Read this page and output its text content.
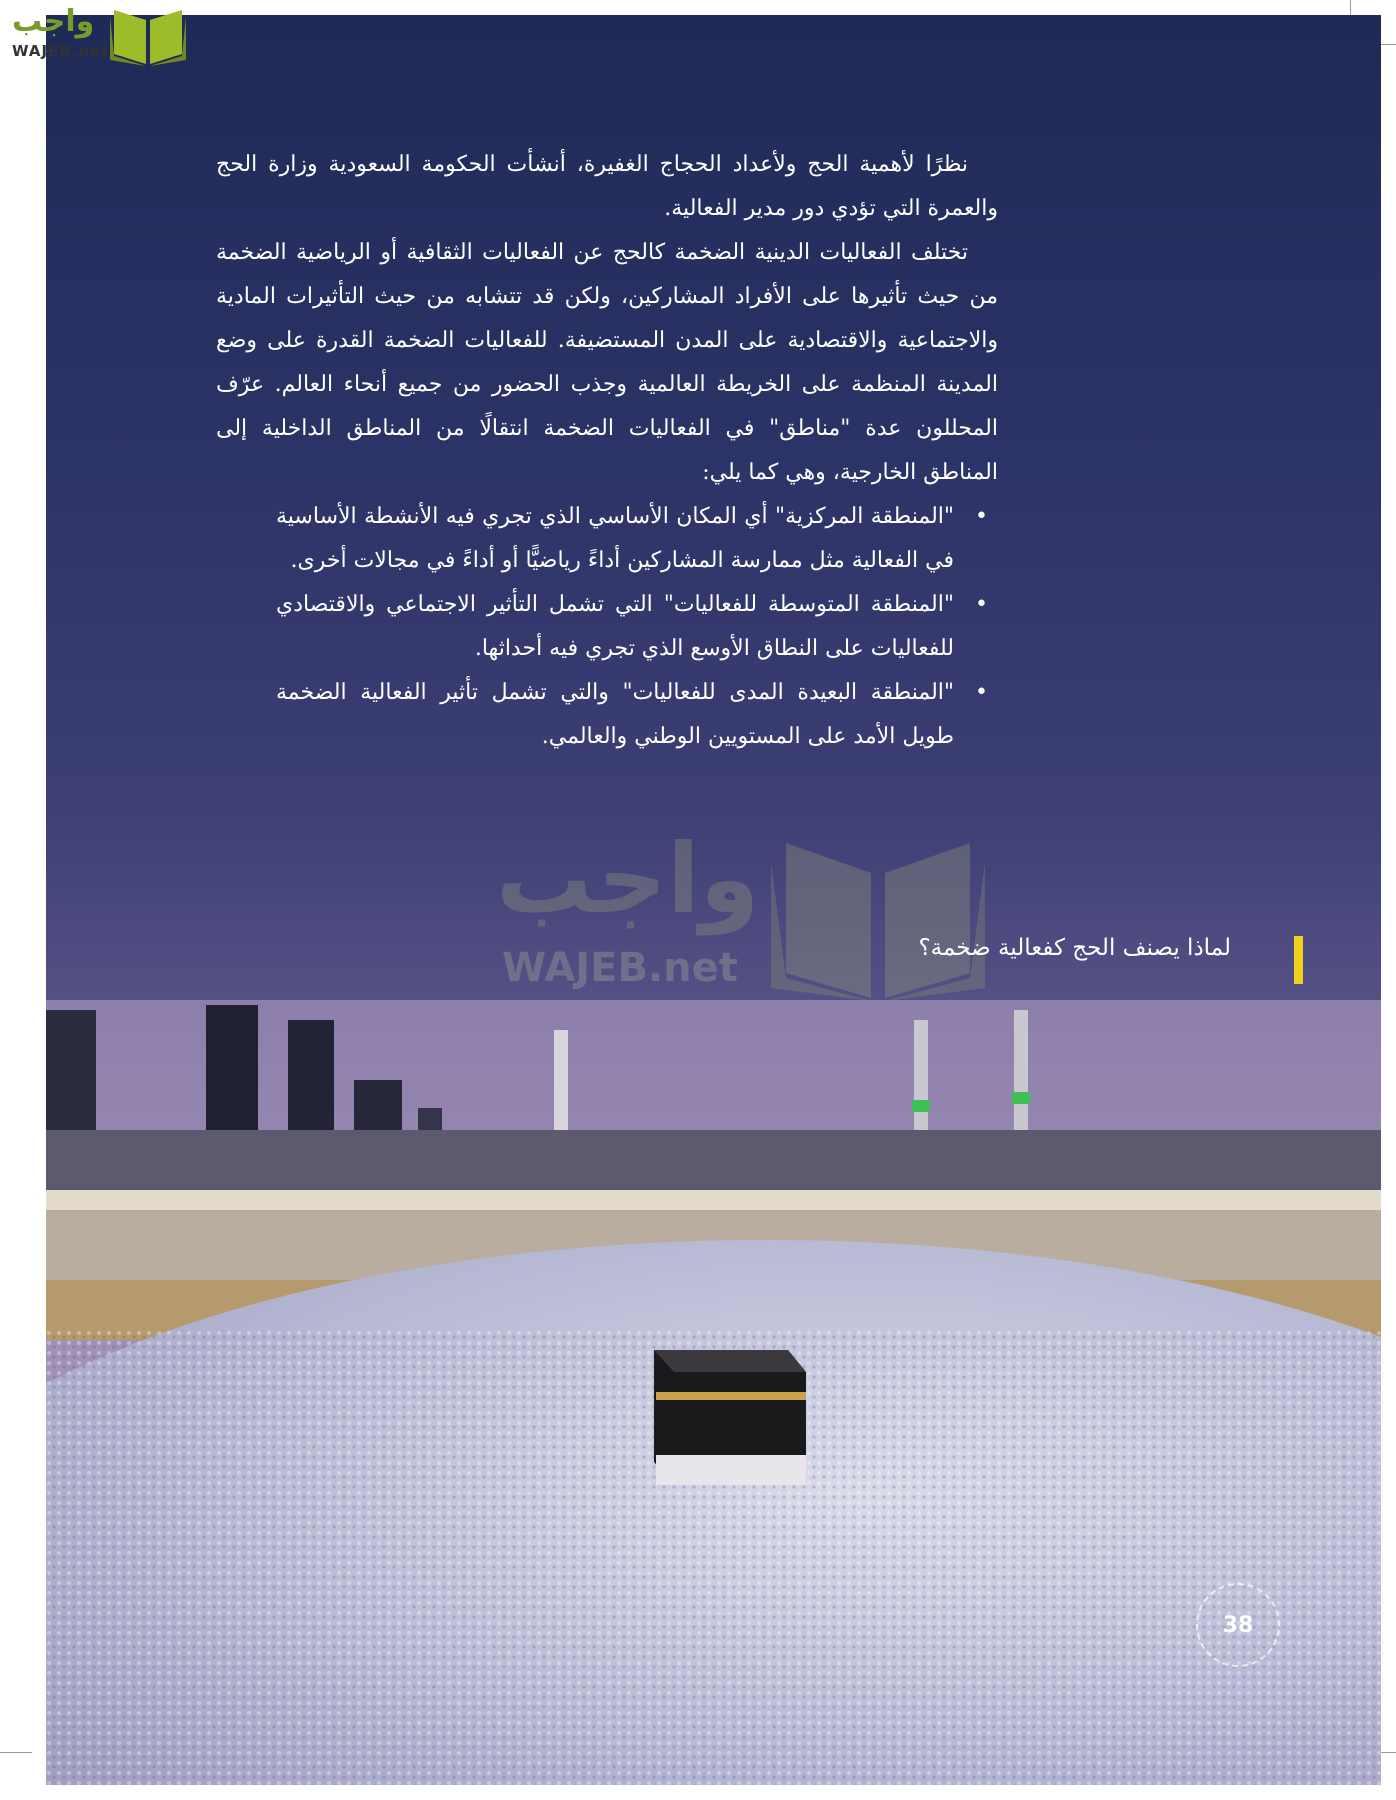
نظرًا لأهمية الحج ولأعداد الحجاج الغفيرة، أنشأت الحكومة السعودية وزارة الحج والعمرة التي تؤدي دور مدير الفعالية.

تختلف الفعاليات الدينية الضخمة كالحج عن الفعاليات الثقافية أو الرياضية الضخمة من حيث تأثيرها على الأفراد المشاركين، ولكن قد تتشابه من حيث التأثيرات المادية والاجتماعية والاقتصادية على المدن المستضيفة. للفعاليات الضخمة القدرة على وضع المدينة المنظمة على الخريطة العالمية وجذب الحضور من جميع أنحاء العالم. عرّف المحللون عدة "مناطق" في الفعاليات الضخمة انتقالًا من المناطق الداخلية إلى المناطق الخارجية، وهي كما يلي:

• "المنطقة المركزية" أي المكان الأساسي الذي تجري فيه الأنشطة الأساسية في الفعالية مثل ممارسة المشاركين أداءً رياضيًّا أو أداءً في مجالات أخرى.
• "المنطقة المتوسطة للفعاليات" التي تشمل التأثير الاجتماعي والاقتصادي للفعاليات على النطاق الأوسع الذي تجري فيه أحداثها.
• "المنطقة البعيدة المدى للفعاليات" والتي تشمل تأثير الفعالية الضخمة طويل الأمد على المستويين الوطني والعالمي.
واجب
WAJEB.net	لماذا يصنف الحج كفعالية ضخمة؟
38
واجب
WAJEB.net
